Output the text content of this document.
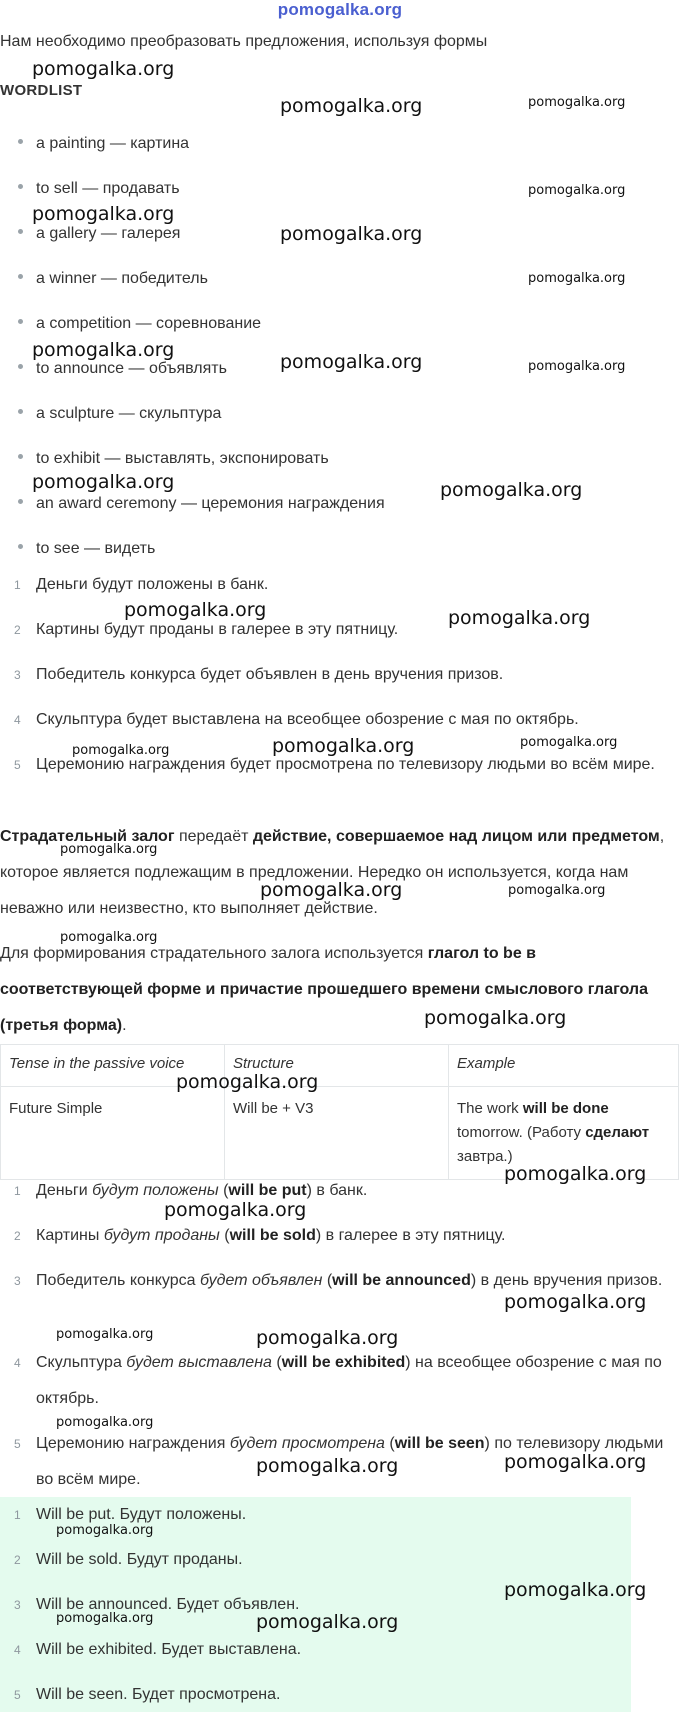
pomogalka.org
Нам необходимо преобразовать предложения, используя формы
WORDLIST
a painting — картина
to sell — продавать
a gallery — галерея
a winner — победитель
a competition — соревнование
to announce — объявлять
a sculpture — скульптура
to exhibit — выставлять, экспонировать
an award ceremony — церемония награждения
to see — видеть
1 Деньги будут положены в банк.
2 Картины будут проданы в галерее в эту пятницу.
3 Победитель конкурса будет объявлен в день вручения призов.
4 Скульптура будет выставлена на всеобщее обозрение с мая по октябрь.
5 Церемонию награждения будет просмотрена по телевизору людьми во всём мире.
Страдательный залог передаёт действие, совершаемое над лицом или предметом, которое является подлежащим в предложении. Нередко он используется, когда нам неважно или неизвестно, кто выполняет действие.
Для формирования страдательного залога используется глагол to be в соответствующей форме и причастие прошедшего времени смыслового глагола (третья форма).
Tense in the passive voice	Structure	Example
Future Simple	Will be + V3	The work will be done tomorrow. (Работу сделают завтра.)
1 Деньги будут положены (will be put) в банк.
2 Картины будут проданы (will be sold) в галерее в эту пятницу.
3 Победитель конкурса будет объявлен (will be announced) в день вручения призов.
4 Скульптура будет выставлена (will be exhibited) на всеобщее обозрение с мая по октябрь.
5 Церемонию награждения будет просмотрена (will be seen) по телевизору людьми во всём мире.
1 Will be put. Будут положены.
2 Will be sold. Будут проданы.
3 Will be announced. Будет объявлен.
4 Will be exhibited. Будет выставлена.
5 Will be seen. Будет просмотрена.
pomogalka.org
pomogalka.org	pomogalka.org
pomogalka.org
pomogalka.org
pomogalka.org
pomogalka.org
pomogalka.org
pomogalka.org	pomogalka.org
pomogalka.org	pomogalka.org
pomogalka.org	pomogalka.org
pomogalka.org	pomogalka.org	pomogalka.org
pomogalka.org
pomogalka.org	pomogalka.org
pomogalka.org
pomogalka.org
pomogalka.org
pomogalka.org
pomogalka.org
pomogalka.org
pomogalka.org	pomogalka.org
pomogalka.org
pomogalka.org	pomogalka.org
pomogalka.org
pomogalka.org
pomogalka.org	pomogalka.org
